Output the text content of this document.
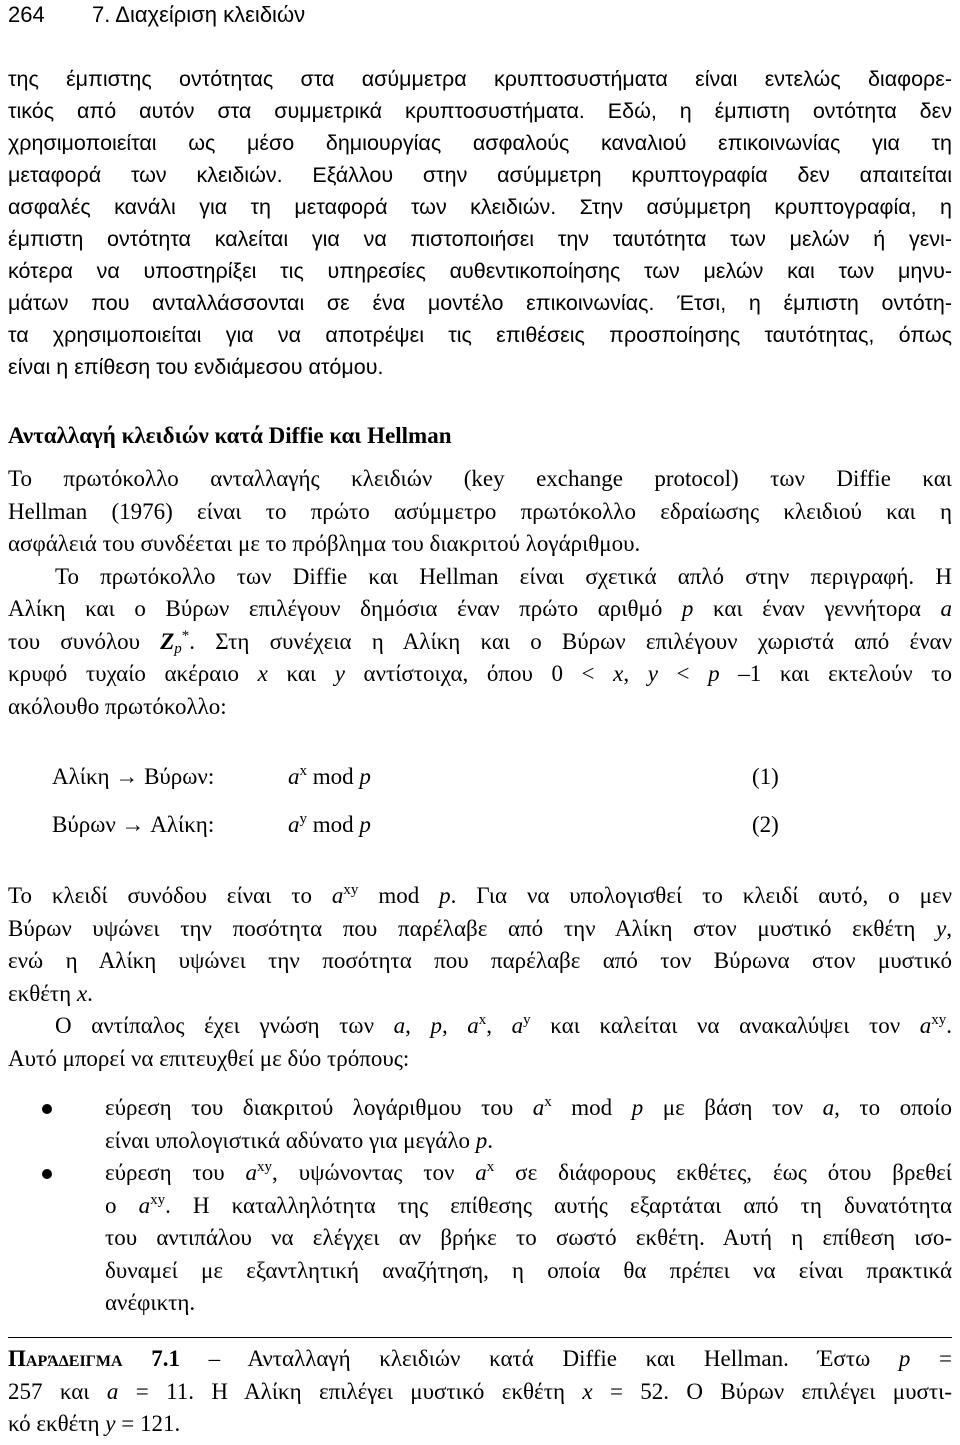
264 7. Διαχείριση κλειδιών
της έμπιστης οντότητας στα ασύμμετρα κρυπτοσυστήματα είναι εντελώς διαφορε-
τικός από αυτόν στα συμμετρικά κρυπτοσυστήματα. Εδώ, η έμπιστη οντότητα δεν
χρησιμοποιείται ως μέσο δημιουργίας ασφαλούς καναλιού επικοινωνίας για τη
μεταφορά των κλειδιών. Εξάλλου στην ασύμμετρη κρυπτογραφία δεν απαιτείται
ασφαλές κανάλι για τη μεταφορά των κλειδιών. Στην ασύμμετρη κρυπτογραφία, η
έμπιστη οντότητα καλείται για να πιστοποιήσει την ταυτότητα των μελών ή γενι-
κότερα να υποστηρίξει τις υπηρεσίες αυθεντικοποίησης των μελών και των μηνυ-
μάτων που ανταλλάσσονται σε ένα μοντέλο επικοινωνίας. Έτσι, η έμπιστη οντότη-
τα χρησιμοποιείται για να αποτρέψει τις επιθέσεις προσποίησης ταυτότητας, όπως
είναι η επίθεση του ενδιάμεσου ατόμου.
Ανταλλαγή κλειδιών κατά Diffie και Hellman
Το πρωτόκολλο ανταλλαγής κλειδιών (key exchange protocol) των Diffie και
Hellman (1976) είναι το πρώτο ασύμμετρο πρωτόκολλο εδραίωσης κλειδιού και η
ασφάλειά του συνδέεται με το πρόβλημα του διακριτού λογάριθμου.
Το πρωτόκολλο των Diffie και Hellman είναι σχετικά απλό στην περιγραφή. Η
Αλίκη και ο Βύρων επιλέγουν δημόσια έναν πρώτο αριθμό p και έναν γεννήτορα a
του συνόλου $Z_p^*$. Στη συνέχεια η Αλίκη και ο Βύρων επιλέγουν χωριστά από έναν
κρυφό τυχαίο ακέραιο x και y αντίστοιχα, όπου 0 < x, y < p –1 και εκτελούν το
ακόλουθο πρωτόκολλο:
Αλίκη → Βύρων:	$a^x$ mod p	(1)
Βύρων → Αλίκη:	$a^y$ mod p	(2)
Το κλειδί συνόδου είναι το $a^{xy}$ mod p. Για να υπολογισθεί το κλειδί αυτό, ο μεν
Βύρων υψώνει την ποσότητα που παρέλαβε από την Αλίκη στον μυστικό εκθέτη y,
ενώ η Αλίκη υψώνει την ποσότητα που παρέλαβε από τον Βύρωνα στον μυστικό
εκθέτη x.
Ο αντίπαλος έχει γνώση των a, p, $a^x$, $a^y$ και καλείται να ανακαλύψει τον $a^{xy}$.
Αυτό μπορεί να επιτευχθεί με δύο τρόπους:
εύρεση του διακριτού λογάριθμου του $a^x$ mod p με βάση τον a, το οποίο
είναι υπολογιστικά αδύνατο για μεγάλο p.
εύρεση του $a^{xy}$, υψώνοντας τον $a^x$ σε διάφορους εκθέτες, έως ότου βρεθεί
ο $a^{xy}$. Η καταλληλότητα της επίθεσης αυτής εξαρτάται από τη δυνατότητα
του αντιπάλου να ελέγχει αν βρήκε το σωστό εκθέτη. Αυτή η επίθεση ισο-
δυναμεί με εξαντλητική αναζήτηση, η οποία θα πρέπει να είναι πρακτικά
ανέφικτη.
Παράδειγμα 7.1 – Ανταλλαγή κλειδιών κατά Diffie και Hellman. Έστω p =
257 και a = 11. Η Αλίκη επιλέγει μυστικό εκθέτη x = 52. Ο Βύρων επιλέγει μυστι-
κό εκθέτη y = 121.
